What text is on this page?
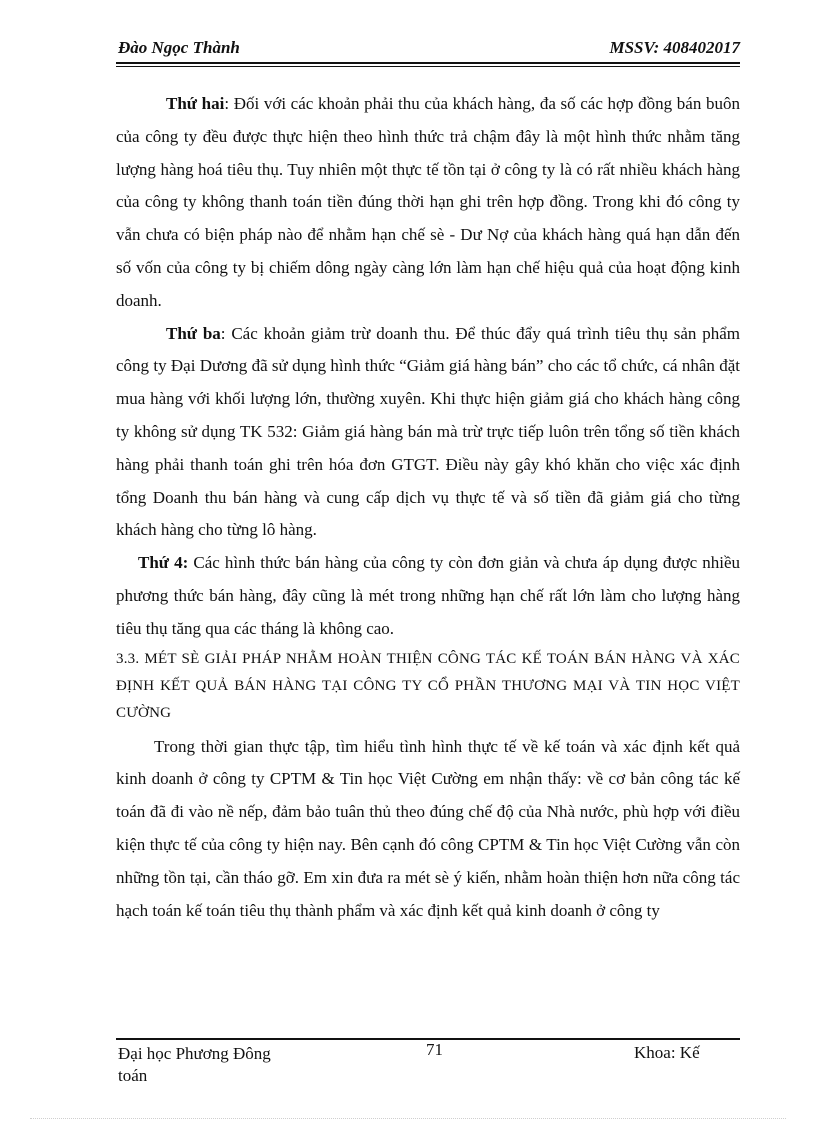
Đào Ngọc Thành	MSSV: 408402017

Thứ hai: Đối với các khoản phải thu của khách hàng, đa số các hợp đồng bán buôn của công ty đều được thực hiện theo hình thức trả chậm đây là một hình thức nhằm tăng lượng hàng hoá tiêu thụ. Tuy nhiên một thực tế tồn tại ở công ty là có rất nhiều khách hàng của công ty không thanh toán tiền đúng thời hạn ghi trên hợp đồng. Trong khi đó công ty vẫn chưa có biện pháp nào để nhằm hạn chế sè - Dư Nợ của khách hàng quá hạn dẫn đến số vốn của công ty bị chiếm dông ngày càng lớn làm hạn chế hiệu quả của hoạt động kinh doanh.

Thứ ba: Các khoản giảm trừ doanh thu. Để thúc đẩy quá trình tiêu thụ sản phẩm công ty Đại Dương đã sử dụng hình thức “Giảm giá hàng bán” cho các tổ chức, cá nhân đặt mua hàng với khối lượng lớn, thường xuyên. Khi thực hiện giảm giá cho khách hàng công ty không sử dụng TK 532: Giảm giá hàng bán mà trừ trực tiếp luôn trên tổng số tiền khách hàng phải thanh toán ghi trên hóa đơn GTGT. Điều này gây khó khăn cho việc xác định tổng Doanh thu bán hàng và cung cấp dịch vụ thực tế và số tiền đã giảm giá cho từng khách hàng cho từng lô hàng.

Thứ 4: Các hình thức bán hàng của công ty còn đơn giản và chưa áp dụng được nhiều phương thức bán hàng, đây cũng là mét trong những hạn chế rất lớn làm cho lượng hàng tiêu thụ tăng qua các tháng là không cao.

3.3. MÉT SÈ GIẢI PHÁP NHẰM HOÀN THIỆN CÔNG TÁC KẾ TOÁN BÁN HÀNG VÀ XÁC ĐỊNH KẾT QUẢ BÁN HÀNG TẠI CÔNG TY CỔ PHẦN THƯƠNG MẠI VÀ TIN HỌC VIỆT CƯỜNG

Trong thời gian thực tập, tìm hiểu tình hình thực tế về kế toán và xác định kết quả kinh doanh ở công ty CPTM & Tin học Việt Cường em nhận thấy: về cơ bản công tác kế toán đã đi vào nề nếp, đảm bảo tuân thủ theo đúng chế độ của Nhà nước, phù hợp với điều kiện thực tế của công ty hiện nay. Bên cạnh đó công CPTM & Tin học Việt Cường vẫn còn những tồn tại, cần tháo gỡ. Em xin đưa ra mét sè ý kiến, nhằm hoàn thiện hơn nữa công tác hạch toán kế toán tiêu thụ thành phẩm và xác định kết quả kinh doanh ở công ty

Đại học Phương Đông
toán
71	Khoa: Kế
